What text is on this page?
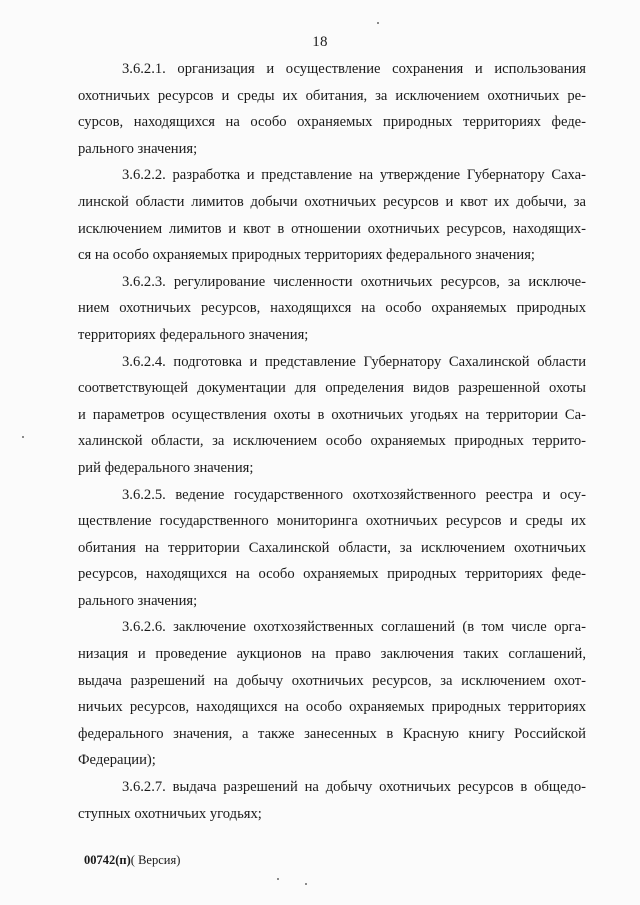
18
3.6.2.1. организация и осуществление сохранения и использования
охотничьих ресурсов и среды их обитания, за исключением охотничьих ре-
сурсов, находящихся на особо охраняемых природных территориях феде-
рального значения;
3.6.2.2. разработка и представление на утверждение Губернатору Саха-
линской области лимитов добычи охотничьих ресурсов и квот их добычи, за
исключением лимитов и квот в отношении охотничьих ресурсов, находящих-
ся на особо охраняемых природных территориях федерального значения;
3.6.2.3. регулирование численности охотничьих ресурсов, за исключе-
нием охотничьих ресурсов, находящихся на особо охраняемых природных
территориях федерального значения;
3.6.2.4. подготовка и представление Губернатору Сахалинской области
соответствующей документации для определения видов разрешенной охоты
и параметров осуществления охоты в охотничьих угодьях на территории Са-
халинской области, за исключением особо охраняемых природных террито-
рий федерального значения;
3.6.2.5. ведение государственного охотхозяйственного реестра и осу-
ществление государственного мониторинга охотничьих ресурсов и среды их
обитания на территории Сахалинской области, за исключением охотничьих
ресурсов, находящихся на особо охраняемых природных территориях феде-
рального значения;
3.6.2.6. заключение охотхозяйственных соглашений (в том числе орга-
низация и проведение аукционов на право заключения таких соглашений,
выдача разрешений на добычу охотничьих ресурсов, за исключением охот-
ничьих ресурсов, находящихся на особо охраняемых природных территориях
федерального значения, а также занесенных в Красную книгу Российской
Федерации);
3.6.2.7. выдача разрешений на добычу охотничьих ресурсов в общедо-
ступных охотничьих угодьях;
00742(п)( Версия)
